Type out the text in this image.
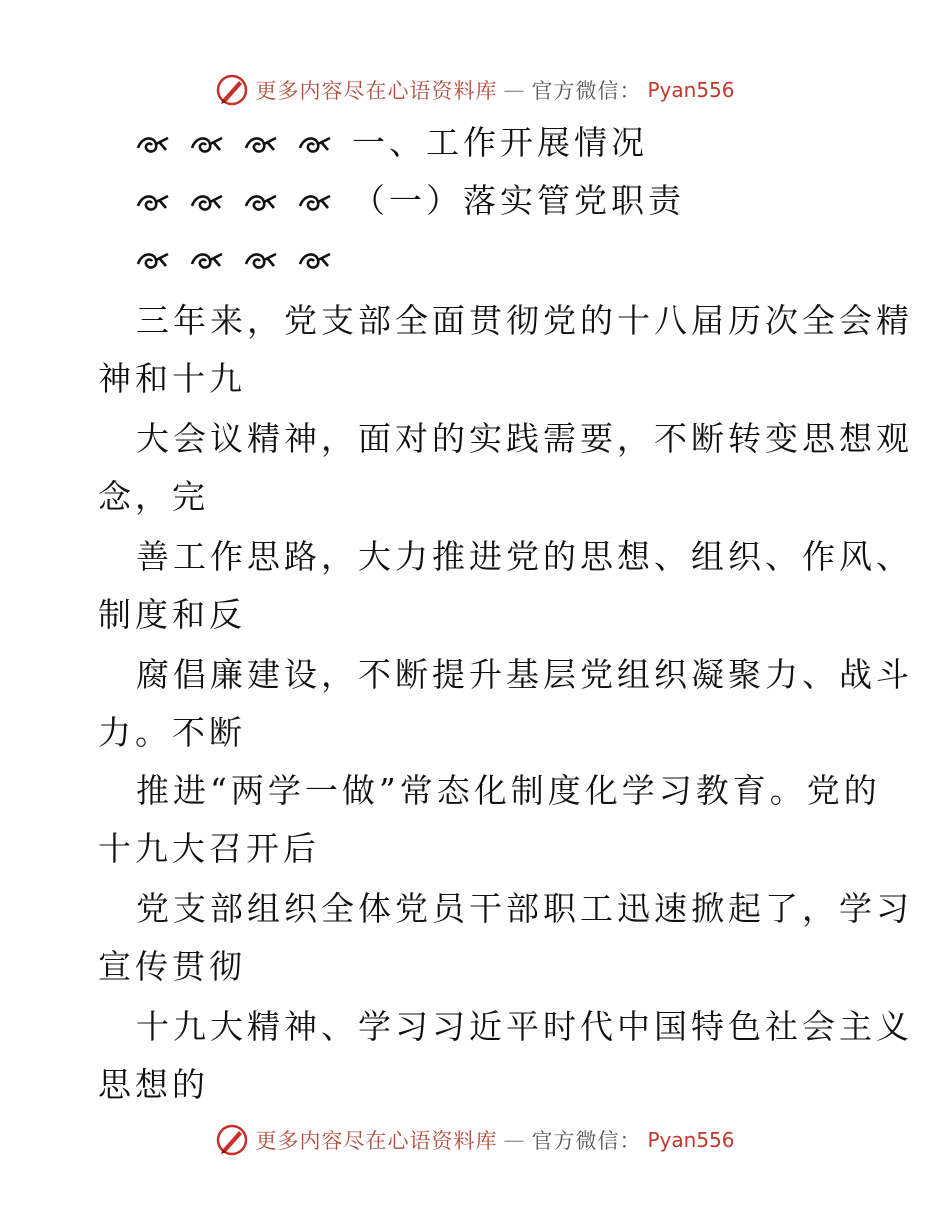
更多内容尽在心语资料库 — 官方微信： Pyan556
一、工作开展情况
（一）落实管党职责
三年来，党支部全面贯彻党的十八届历次全会精
神和十九
大会议精神，面对的实践需要，不断转变思想观
念，完
善工作思路，大力推进党的思想、组织、作风、
制度和反
腐倡廉建设，不断提升基层党组织凝聚力、战斗
力。不断
推进“两学一做”常态化制度化学习教育。党的
十九大召开后
党支部组织全体党员干部职工迅速掀起了，学习
宣传贯彻
十九大精神、学习习近平时代中国特色社会主义
思想的
更多内容尽在心语资料库 — 官方微信： Pyan556
